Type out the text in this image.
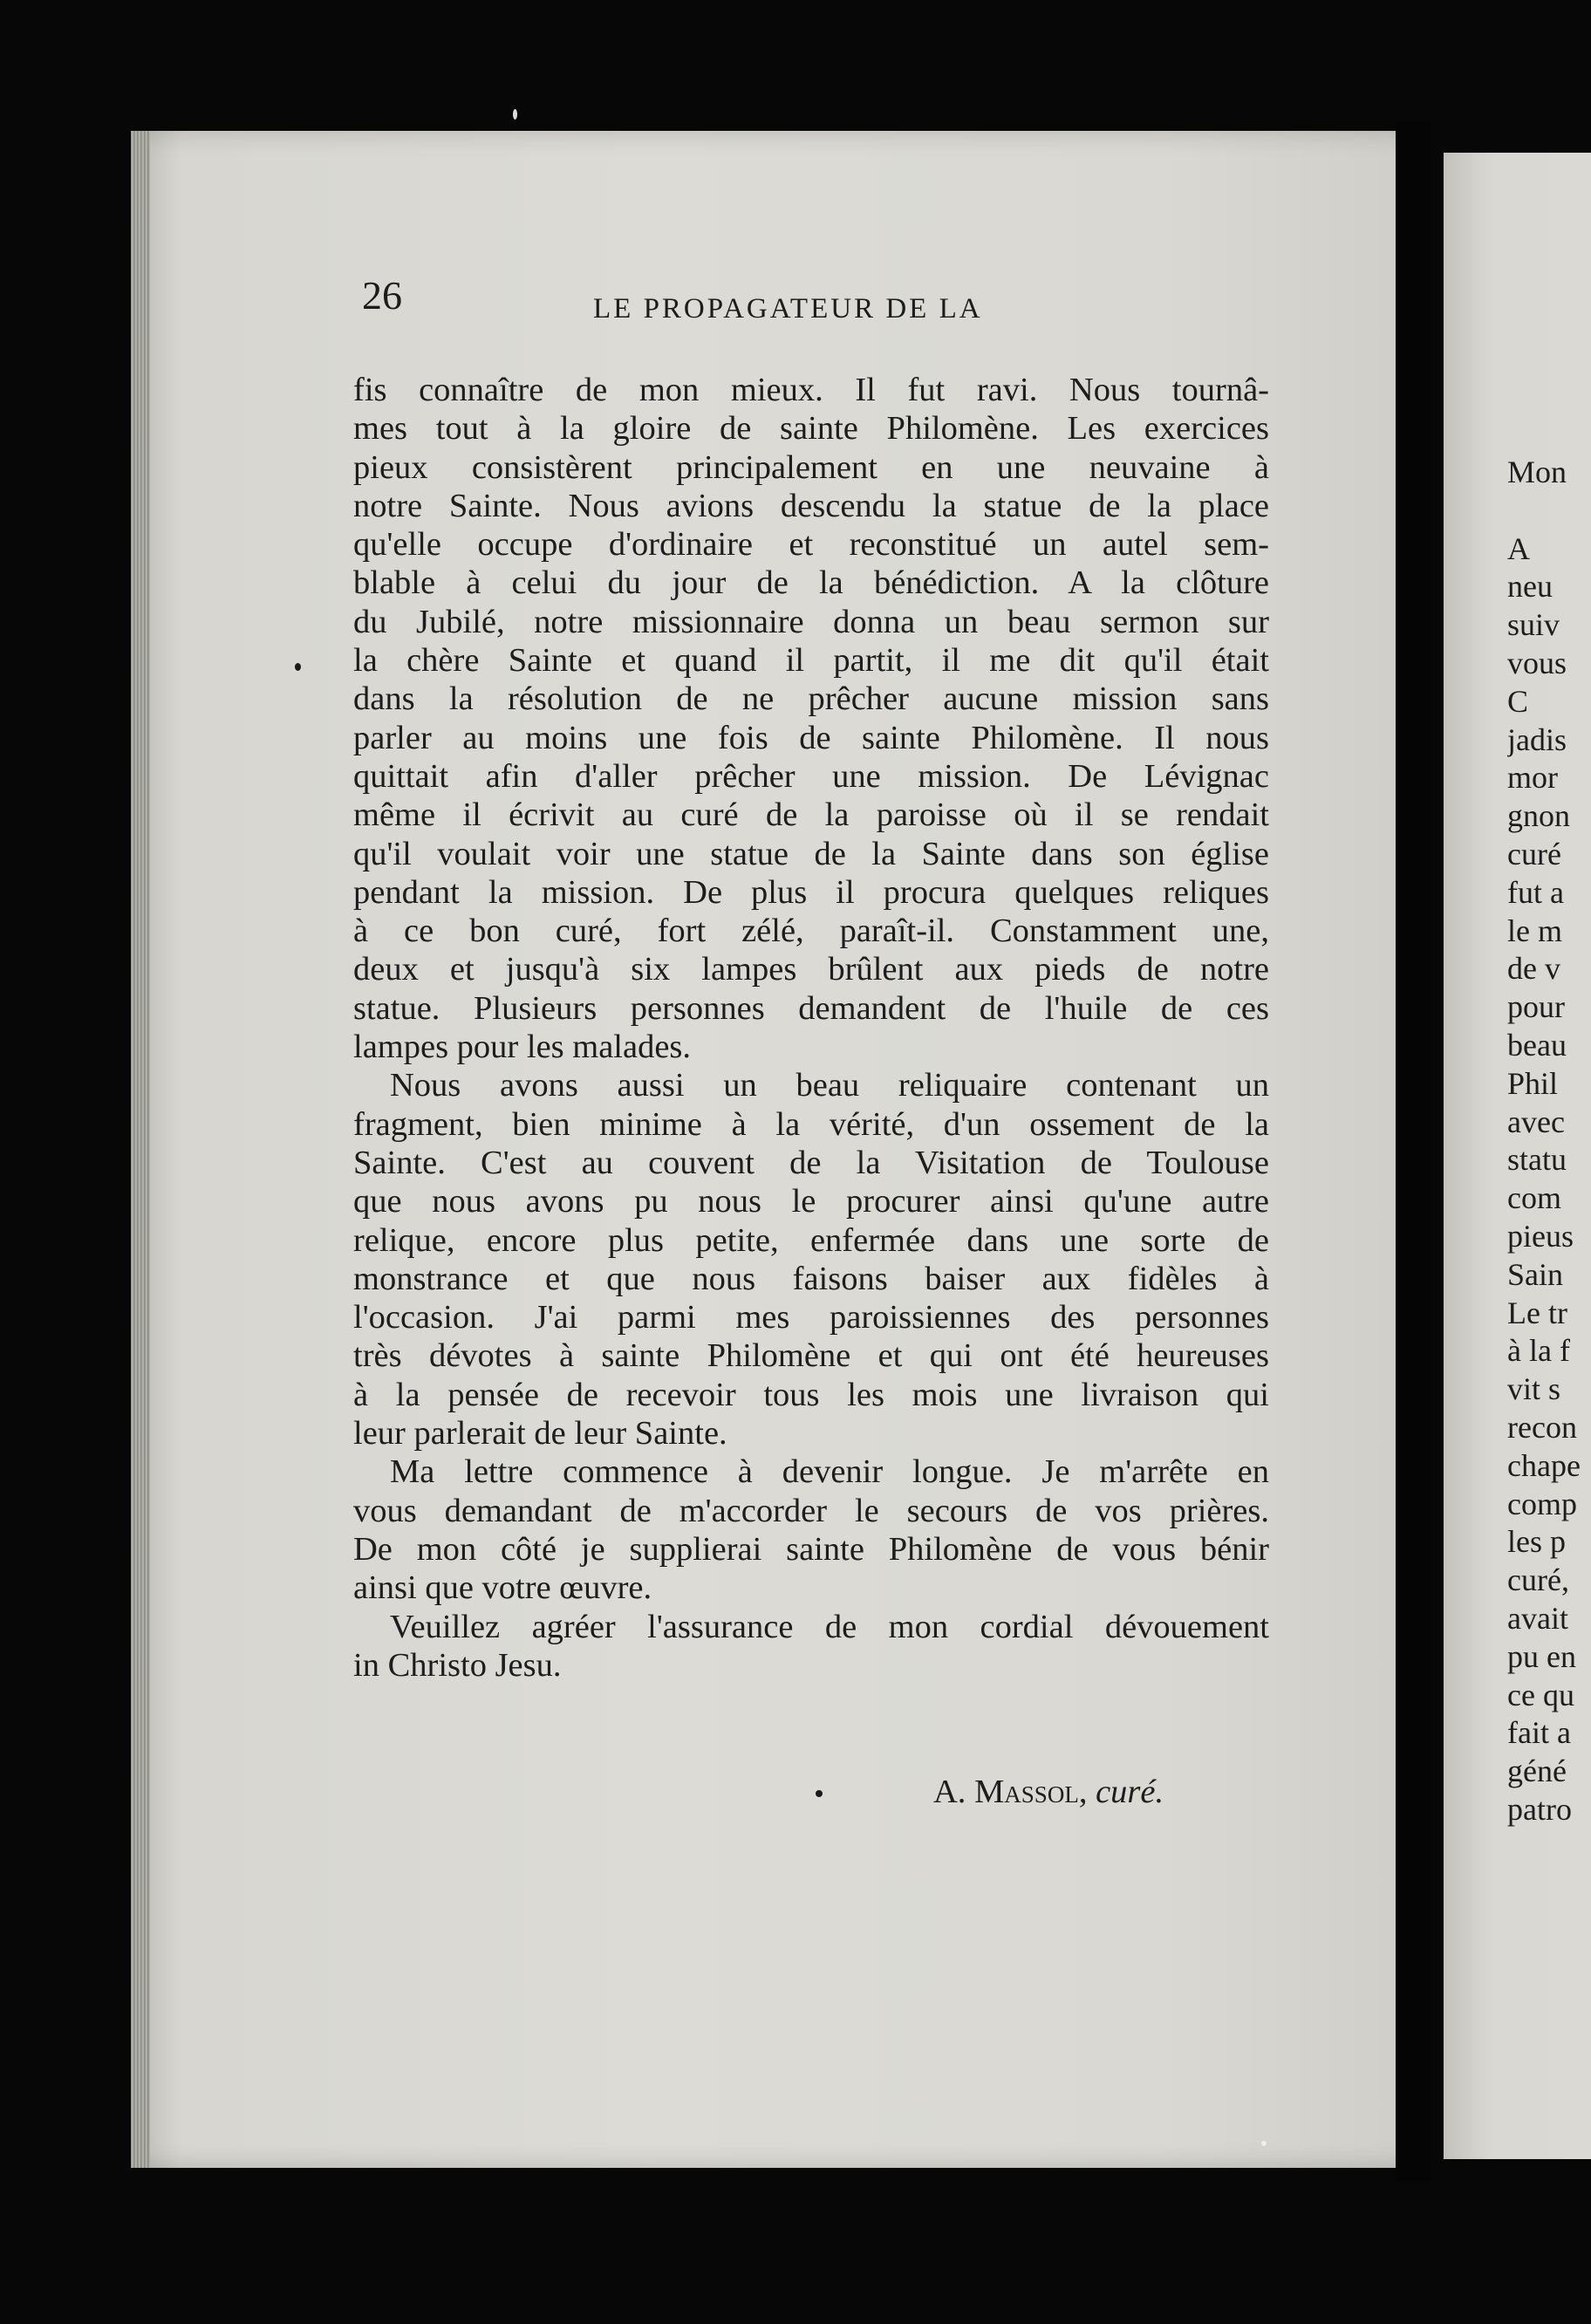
26	LE PROPAGATEUR DE LA
fis connaître de mon mieux. Il fut ravi. Nous tournâ-
mes tout à la gloire de sainte Philomène. Les exercices
pieux consistèrent principalement en une neuvaine à
notre Sainte. Nous avions descendu la statue de la place
qu'elle occupe d'ordinaire et reconstitué un autel sem-
blable à celui du jour de la bénédiction. A la clôture
du Jubilé, notre missionnaire donna un beau sermon sur
la chère Sainte et quand il partit, il me dit qu'il était
dans la résolution de ne prêcher aucune mission sans
parler au moins une fois de sainte Philomène. Il nous
quittait afin d'aller prêcher une mission. De Lévignac
même il écrivit au curé de la paroisse où il se rendait
qu'il voulait voir une statue de la Sainte dans son église
pendant la mission. De plus il procura quelques reliques
à ce bon curé, fort zélé, paraît-il. Constamment une,
deux et jusqu'à six lampes brûlent aux pieds de notre
statue. Plusieurs personnes demandent de l'huile de ces
lampes pour les malades.
Nous avons aussi un beau reliquaire contenant un
fragment, bien minime à la vérité, d'un ossement de la
Sainte. C'est au couvent de la Visitation de Toulouse
que nous avons pu nous le procurer ainsi qu'une autre
relique, encore plus petite, enfermée dans une sorte de
monstrance et que nous faisons baiser aux fidèles à
l'occasion. J'ai parmi mes paroissiennes des personnes
très dévotes à sainte Philomène et qui ont été heureuses
à la pensée de recevoir tous les mois une livraison qui
leur parlerait de leur Sainte.
Ma lettre commence à devenir longue. Je m'arrête en
vous demandant de m'accorder le secours de vos prières.
De mon côté je supplierai sainte Philomène de vous bénir
ainsi que votre œuvre.
Veuillez agréer l'assurance de mon cordial dévouement
in Christo Jesu.
A. Massol, curé.
Mon

A
neu
suiv
vous
C
jadis
mor
gnon
curé
fut a
le m
de v
pour
beau
Phil
avec
statu
com
pieus
Sain
Le tr
à la f
vit s
recon
chape
comp
les p
curé,
avait
pu en
ce qu
fait a
géné
patro
